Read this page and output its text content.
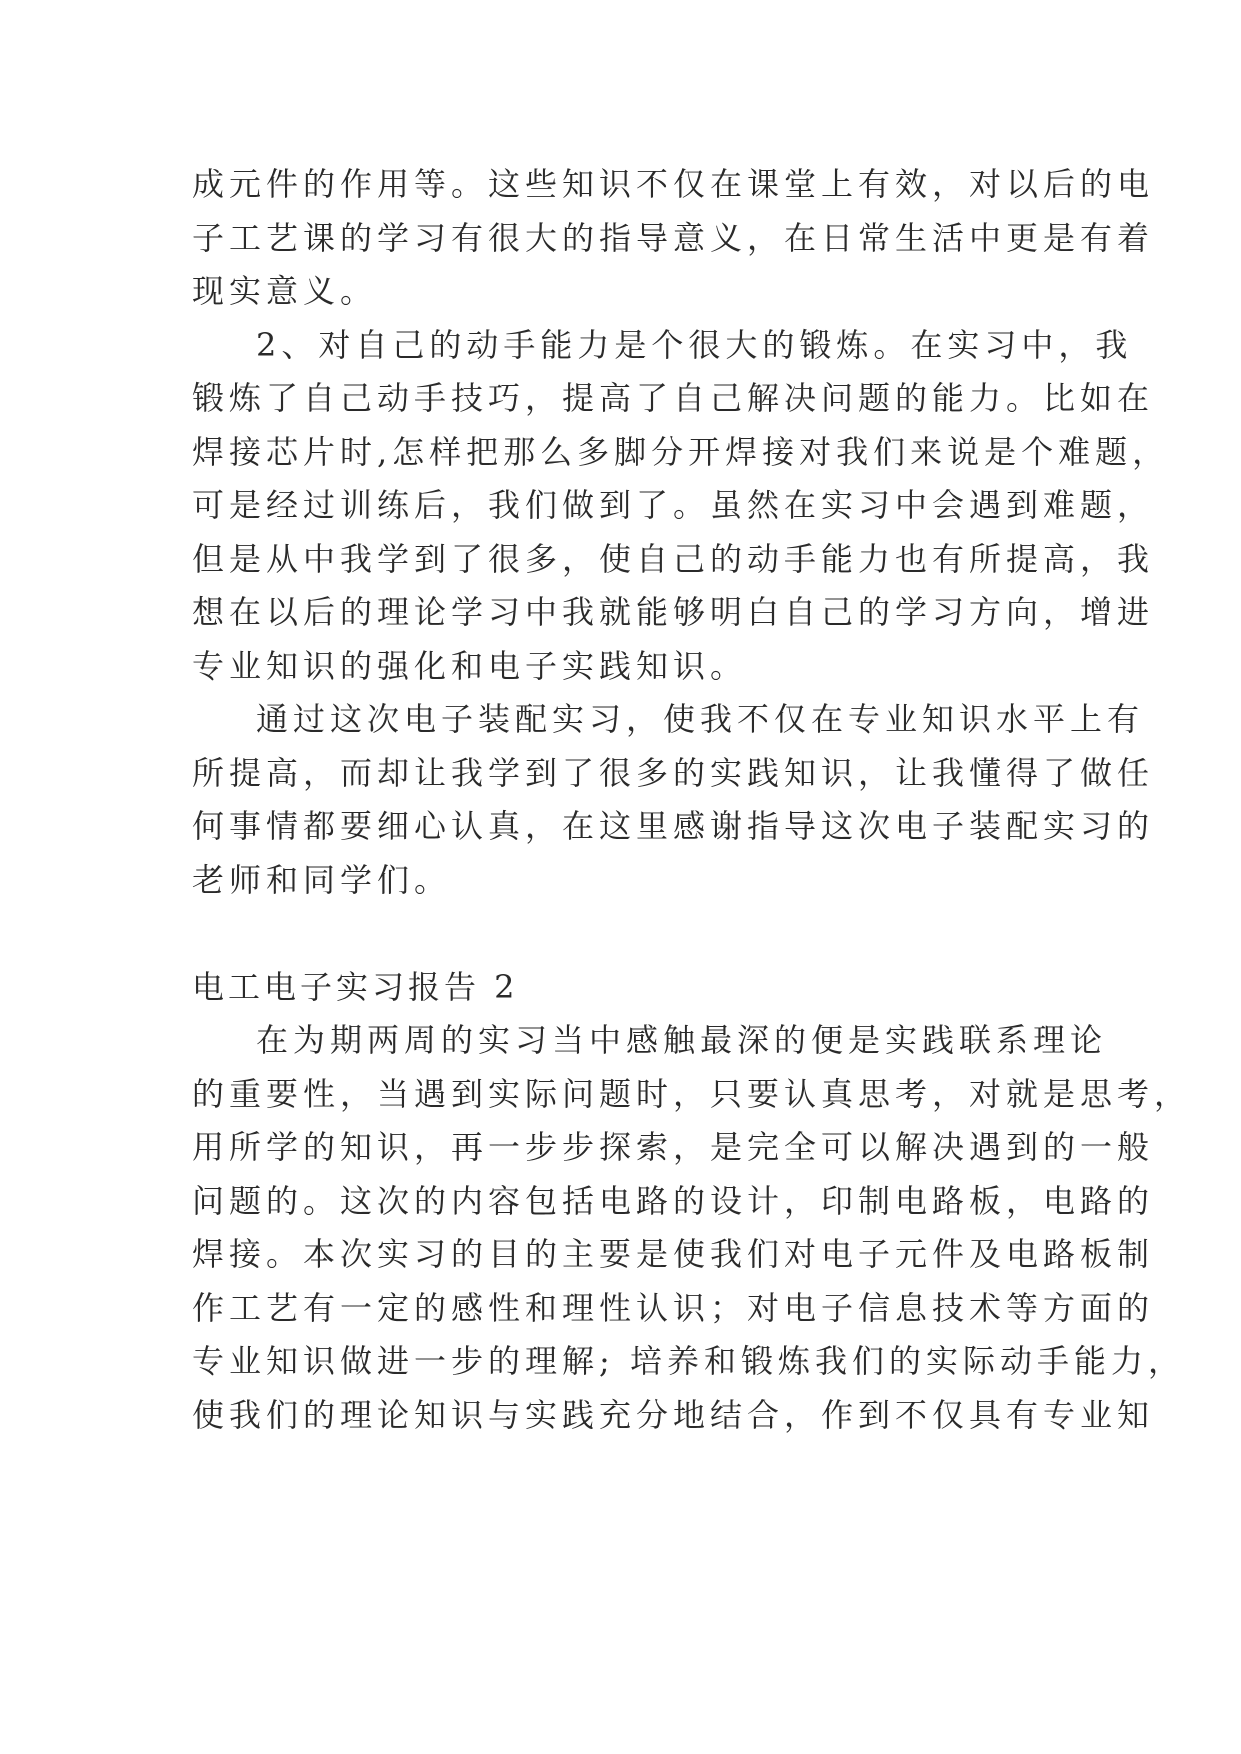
成元件的作用等。这些知识不仅在课堂上有效，对以后的电
子工艺课的学习有很大的指导意义，在日常生活中更是有着
现实意义。
2、对自己的动手能力是个很大的锻炼。在实习中，我
锻炼了自己动手技巧，提高了自己解决问题的能力。比如在
焊接芯片时,怎样把那么多脚分开焊接对我们来说是个难题，
可是经过训练后，我们做到了。虽然在实习中会遇到难题，
但是从中我学到了很多，使自己的动手能力也有所提高，我
想在以后的理论学习中我就能够明白自己的学习方向，增进
专业知识的强化和电子实践知识。
通过这次电子装配实习，使我不仅在专业知识水平上有
所提高，而却让我学到了很多的实践知识，让我懂得了做任
何事情都要细心认真，在这里感谢指导这次电子装配实习的
老师和同学们。
电工电子实习报告 2
在为期两周的实习当中感触最深的便是实践联系理论
的重要性，当遇到实际问题时，只要认真思考，对就是思考，
用所学的知识，再一步步探索，是完全可以解决遇到的一般
问题的。这次的内容包括电路的设计，印制电路板，电路的
焊接。本次实习的目的主要是使我们对电子元件及电路板制
作工艺有一定的感性和理性认识；对电子信息技术等方面的
专业知识做进一步的理解; 培养和锻炼我们的实际动手能力，
使我们的理论知识与实践充分地结合，作到不仅具有专业知
